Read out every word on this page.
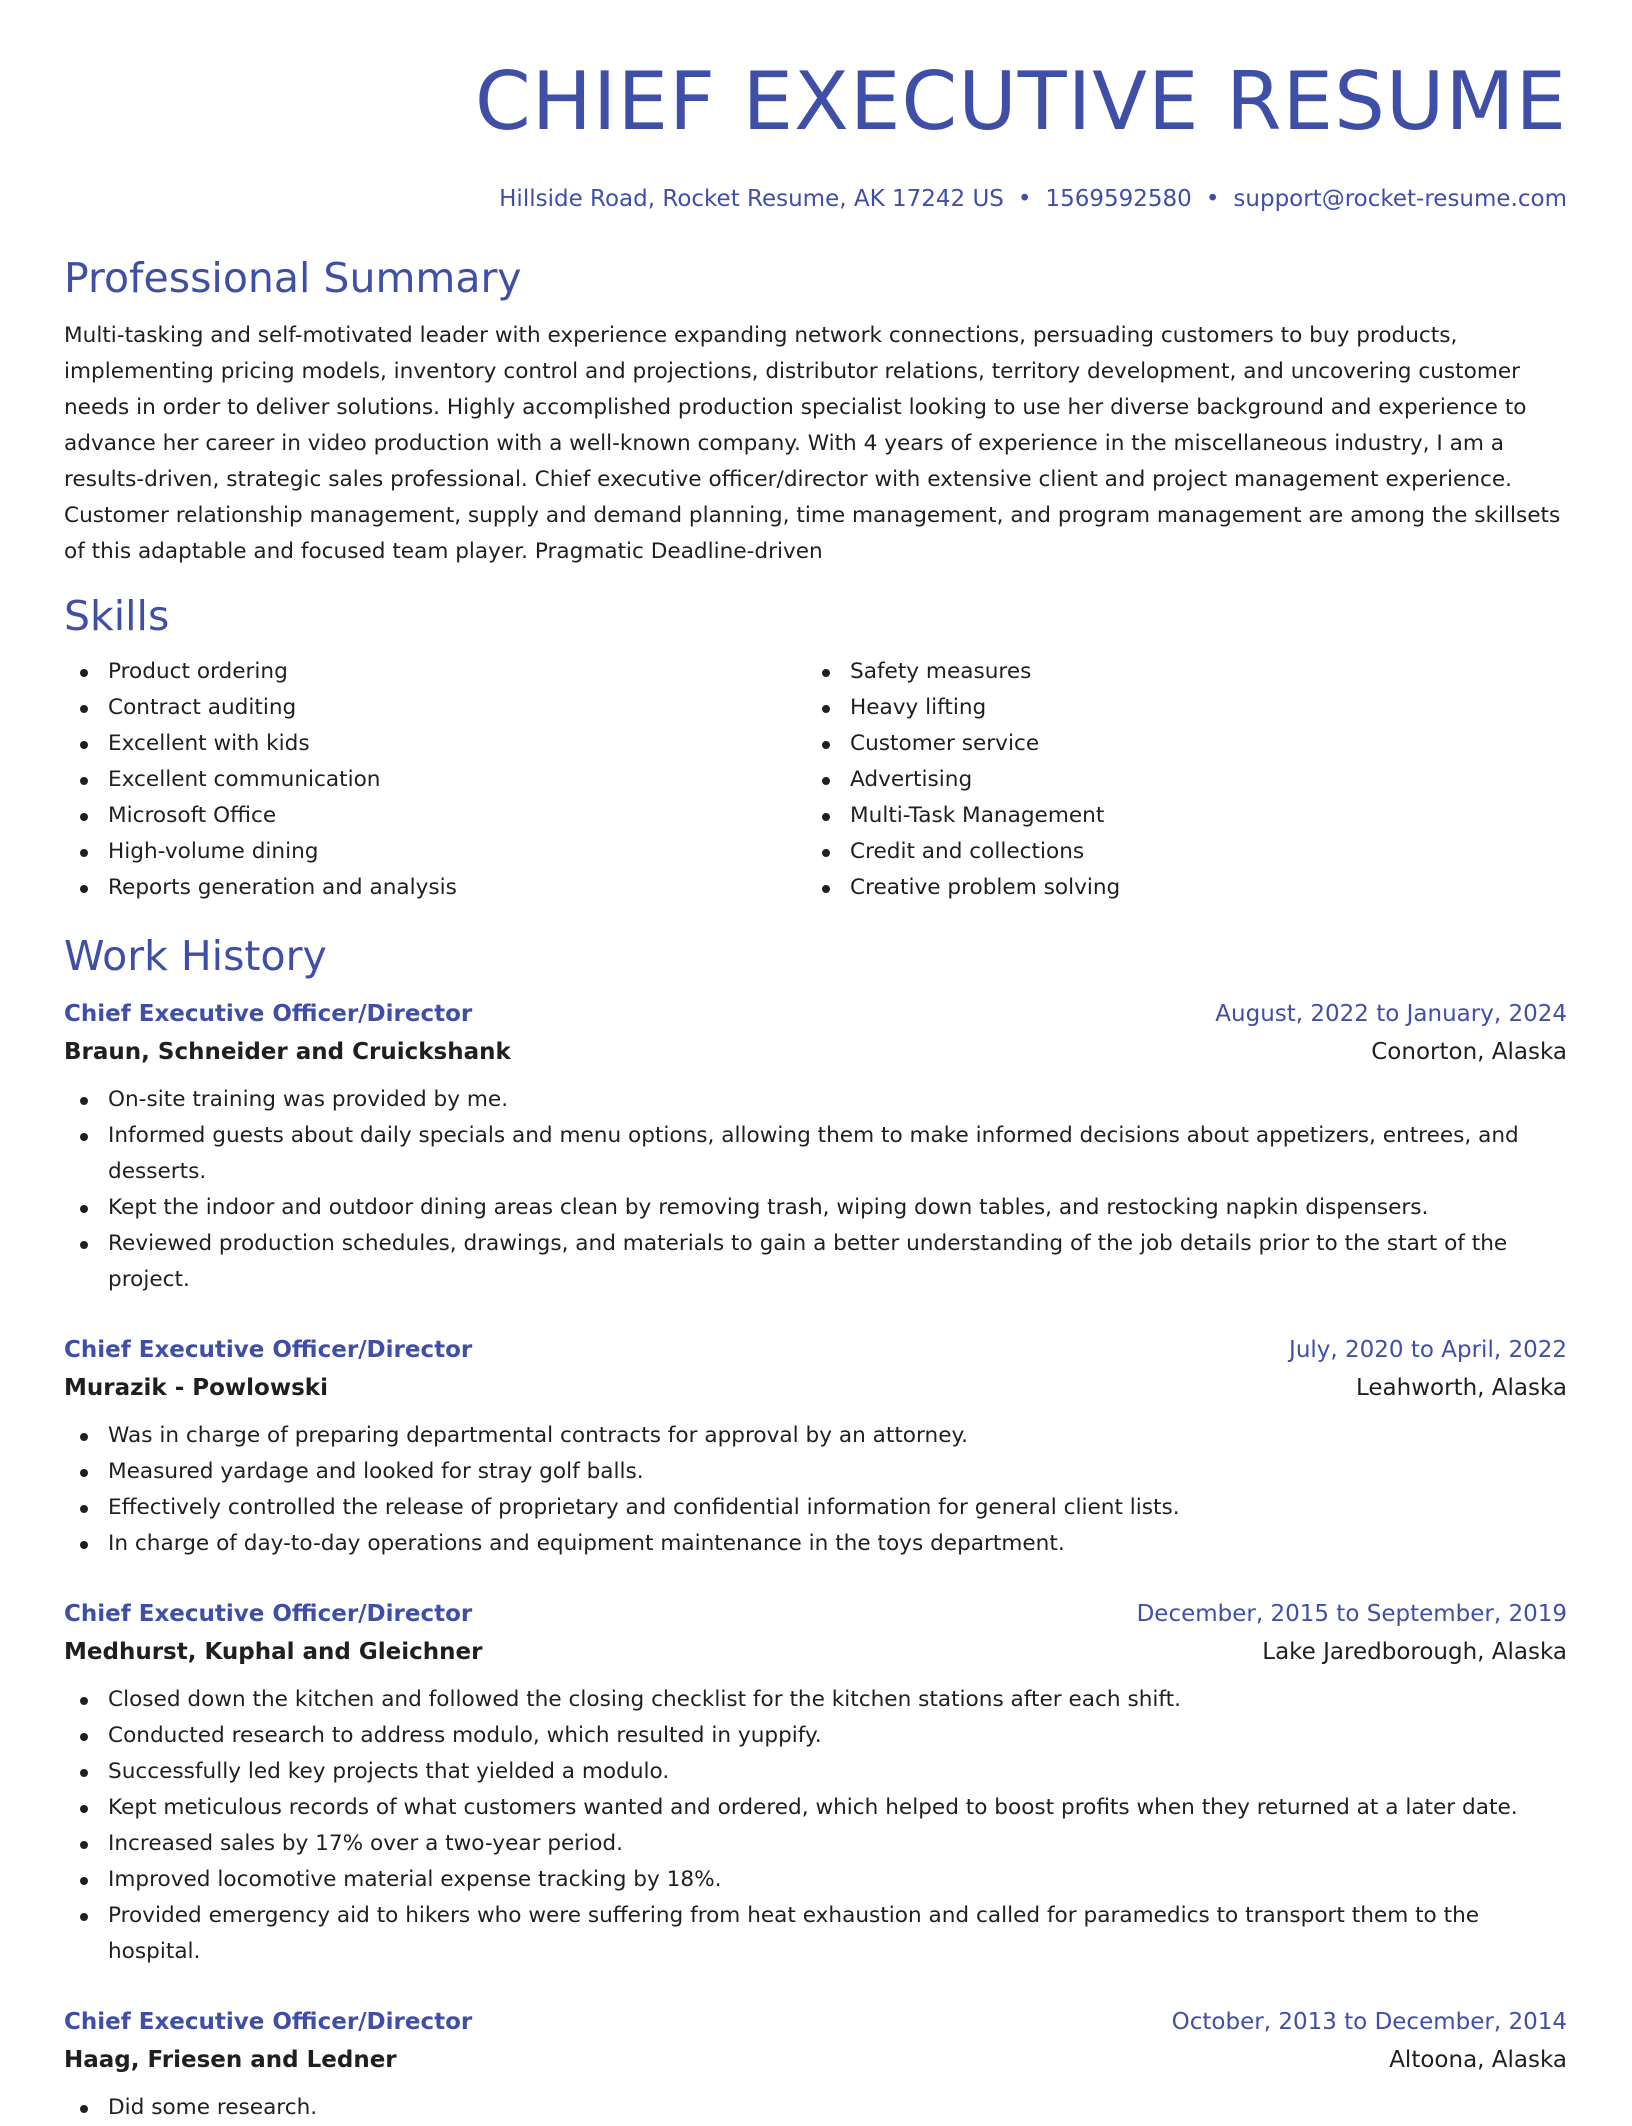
CHIEF EXECUTIVE RESUME
Hillside Road, Rocket Resume, AK 17242 US • 1569592580 • support@rocket-resume.com
Professional Summary
Multi-tasking and self-motivated leader with experience expanding network connections, persuading customers to buy products, implementing pricing models, inventory control and projections, distributor relations, territory development, and uncovering customer needs in order to deliver solutions. Highly accomplished production specialist looking to use her diverse background and experience to advance her career in video production with a well-known company. With 4 years of experience in the miscellaneous industry, I am a results-driven, strategic sales professional. Chief executive officer/director with extensive client and project management experience. Customer relationship management, supply and demand planning, time management, and program management are among the skillsets of this adaptable and focused team player. Pragmatic Deadline-driven
Skills
Product ordering
Contract auditing
Excellent with kids
Excellent communication
Microsoft Office
High-volume dining
Reports generation and analysis
Safety measures
Heavy lifting
Customer service
Advertising
Multi-Task Management
Credit and collections
Creative problem solving
Work History
Chief Executive Officer/Director	August, 2022 to January, 2024
Braun, Schneider and Cruickshank	Conorton, Alaska
On-site training was provided by me.
Informed guests about daily specials and menu options, allowing them to make informed decisions about appetizers, entrees, and desserts.
Kept the indoor and outdoor dining areas clean by removing trash, wiping down tables, and restocking napkin dispensers.
Reviewed production schedules, drawings, and materials to gain a better understanding of the job details prior to the start of the project.
Chief Executive Officer/Director	July, 2020 to April, 2022
Murazik - Powlowski	Leahworth, Alaska
Was in charge of preparing departmental contracts for approval by an attorney.
Measured yardage and looked for stray golf balls.
Effectively controlled the release of proprietary and confidential information for general client lists.
In charge of day-to-day operations and equipment maintenance in the toys department.
Chief Executive Officer/Director	December, 2015 to September, 2019
Medhurst, Kuphal and Gleichner	Lake Jaredborough, Alaska
Closed down the kitchen and followed the closing checklist for the kitchen stations after each shift.
Conducted research to address modulo, which resulted in yuppify.
Successfully led key projects that yielded a modulo.
Kept meticulous records of what customers wanted and ordered, which helped to boost profits when they returned at a later date.
Increased sales by 17% over a two-year period.
Improved locomotive material expense tracking by 18%.
Provided emergency aid to hikers who were suffering from heat exhaustion and called for paramedics to transport them to the hospital.
Chief Executive Officer/Director	October, 2013 to December, 2014
Haag, Friesen and Ledner	Altoona, Alaska
Did some research.
